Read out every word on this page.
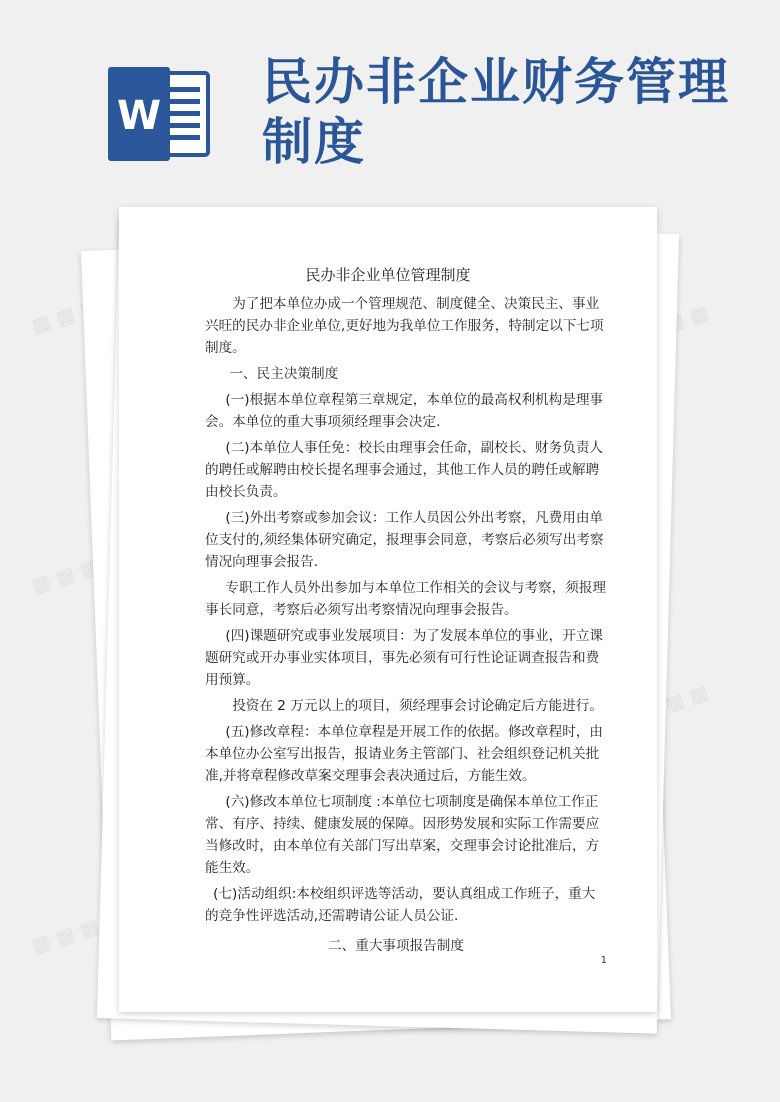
▦ ▦ ▦ ▦	▦
▦ ▦ ▦ ▦
▦ ▦ ▦
▦ ▦ ▦ ▦
W
民办非企业财务管理制度

民办非企业单位管理制度

为了把本单位办成一个管理规范、制度健全、决策民主、事业兴旺的民办非企业单位,更好地为我单位工作服务，特制定以下七项制度。

一、民主决策制度

(一)根据本单位章程第三章规定，本单位的最高权利机构是理事会。本单位的重大事项须经理事会决定.

(二)本单位人事任免：校长由理事会任命，副校长、财务负责人的聘任或解聘由校长提名理事会通过，其他工作人员的聘任或解聘由校长负责。

(三)外出考察或参加会议：工作人员因公外出考察，凡费用由单位支付的,须经集体研究确定，报理事会同意，考察后必须写出考察情况向理事会报告.

专职工作人员外出参加与本单位工作相关的会议与考察，须报理事长同意，考察后必须写出考察情况向理事会报告。

(四)课题研究或事业发展项目：为了发展本单位的事业，开立课题研究或开办事业实体项目，事先必须有可行性论证调查报告和费用预算。

投资在 2 万元以上的项目，须经理事会讨论确定后方能进行。

(五)修改章程：本单位章程是开展工作的依据。修改章程时，由本单位办公室写出报告，报请业务主管部门、社会组织登记机关批准,并将章程修改草案交理事会表决通过后，方能生效。

(六)修改本单位七项制度 :本单位七项制度是确保本单位工作正常、有序、持续、健康发展的保障。因形势发展和实际工作需要应当修改时，由本单位有关部门写出草案，交理事会讨论批准后，方能生效。

(七)活动组织:本校组织评选等活动，要认真组成工作班子，重大的竞争性评选活动,还需聘请公证人员公证.

二、重大事项报告制度

1
